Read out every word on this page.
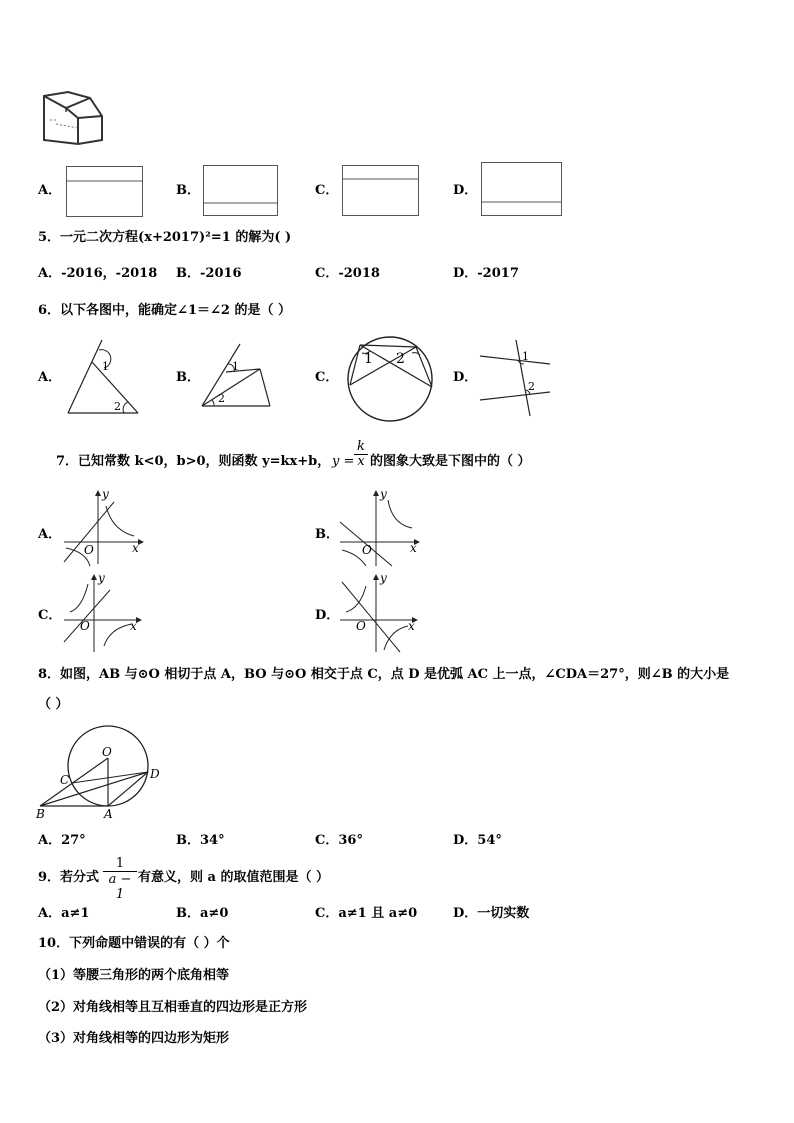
A．	B．	C．	D．
5．一元二次方程(x+2017)²=1 的解为( )
A．-2016，-2018 B．-2016	C．-2018	D．-2017
6．以下各图中，能确定∠1＝∠2 的是（ ）
A．
1
2
B．
1
2
C．
1 2
D．
1
2
7．已知常数 k<0，b>0，则函数 y=kx+b， y =
k
x 的图象大致是下图中的（ ）
A．
y
x
O
B．
y
x
O
C．
y
x
O
D．
y
x
O
8．如图，AB 与⊙O 相切于点 A，BO 与⊙O 相交于点 C，点 D 是优弧 AC 上一点，∠CDA＝27°，则∠B 的大小是
（ ）
O
C	D
B	A
A．27°	B．34°	C．36°	D．54°
9．若分式
1
a − 1
有意义，则 a 的取值范围是（ ）
A．a≠1	B．a≠0	C．a≠1 且 a≠0	D．一切实数
10．下列命题中错误的有（ ）个
（1）等腰三角形的两个底角相等
（2）对角线相等且互相垂直的四边形是正方形
（3）对角线相等的四边形为矩形
